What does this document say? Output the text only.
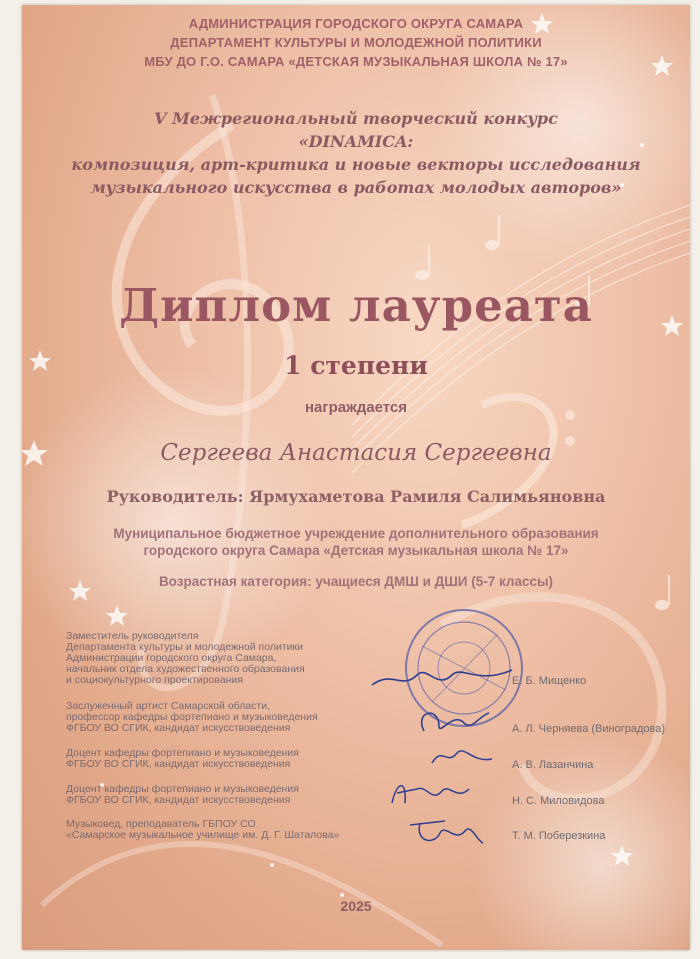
АДМИНИСТРАЦИЯ ГОРОДСКОГО ОКРУГА САМАРА

ДЕПАРТАМЕНТ КУЛЬТУРЫ И МОЛОДЕЖНОЙ ПОЛИТИКИ

МБУ ДО Г.О. САМАРА «ДЕТСКАЯ МУЗЫКАЛЬНАЯ ШКОЛА № 17»

V Межрегиональный творческий конкурс

«DINAMICA:

композиция, арт-критика и новые векторы исследования

музыкального искусства в работах молодых авторов»

Диплом лауреата

1 степени

награждается

Сергеева Анастасия Сергеевна

Руководитель: Ярмухаметова Рамиля Салимьяновна

Муниципальное бюджетное учреждение дополнительного образования

городского округа Самара «Детская музыкальная школа № 17»

Возрастная категория: учащиеся ДМШ и ДШИ (5-7 классы)

Заместитель руководителя

Департамента культуры и молодежной политики

Администрации городского округа Самара,

начальник отдела художественного образования

и социокультурного проектирования	Е. Б. Мищенко

Заслуженный артист Самарской области,

профессор кафедры фортепиано и музыковедения

ФГБОУ ВО СГИК, кандидат искусствоведения	А. Л. Черняева (Виноградова)

Доцент кафедры фортепиано и музыковедения

ФГБОУ ВО СГИК, кандидат искусствоведения	А. В. Лазанчина

Доцент кафедры фортепиано и музыковедения

ФГБОУ ВО СГИК, кандидат искусствоведения	Н. С. Миловидова

Музыковед, преподаватель ГБПОУ СО

«Самарское музыкальное училище им. Д. Г. Шаталова»	Т. М. Поберезкина

2025
